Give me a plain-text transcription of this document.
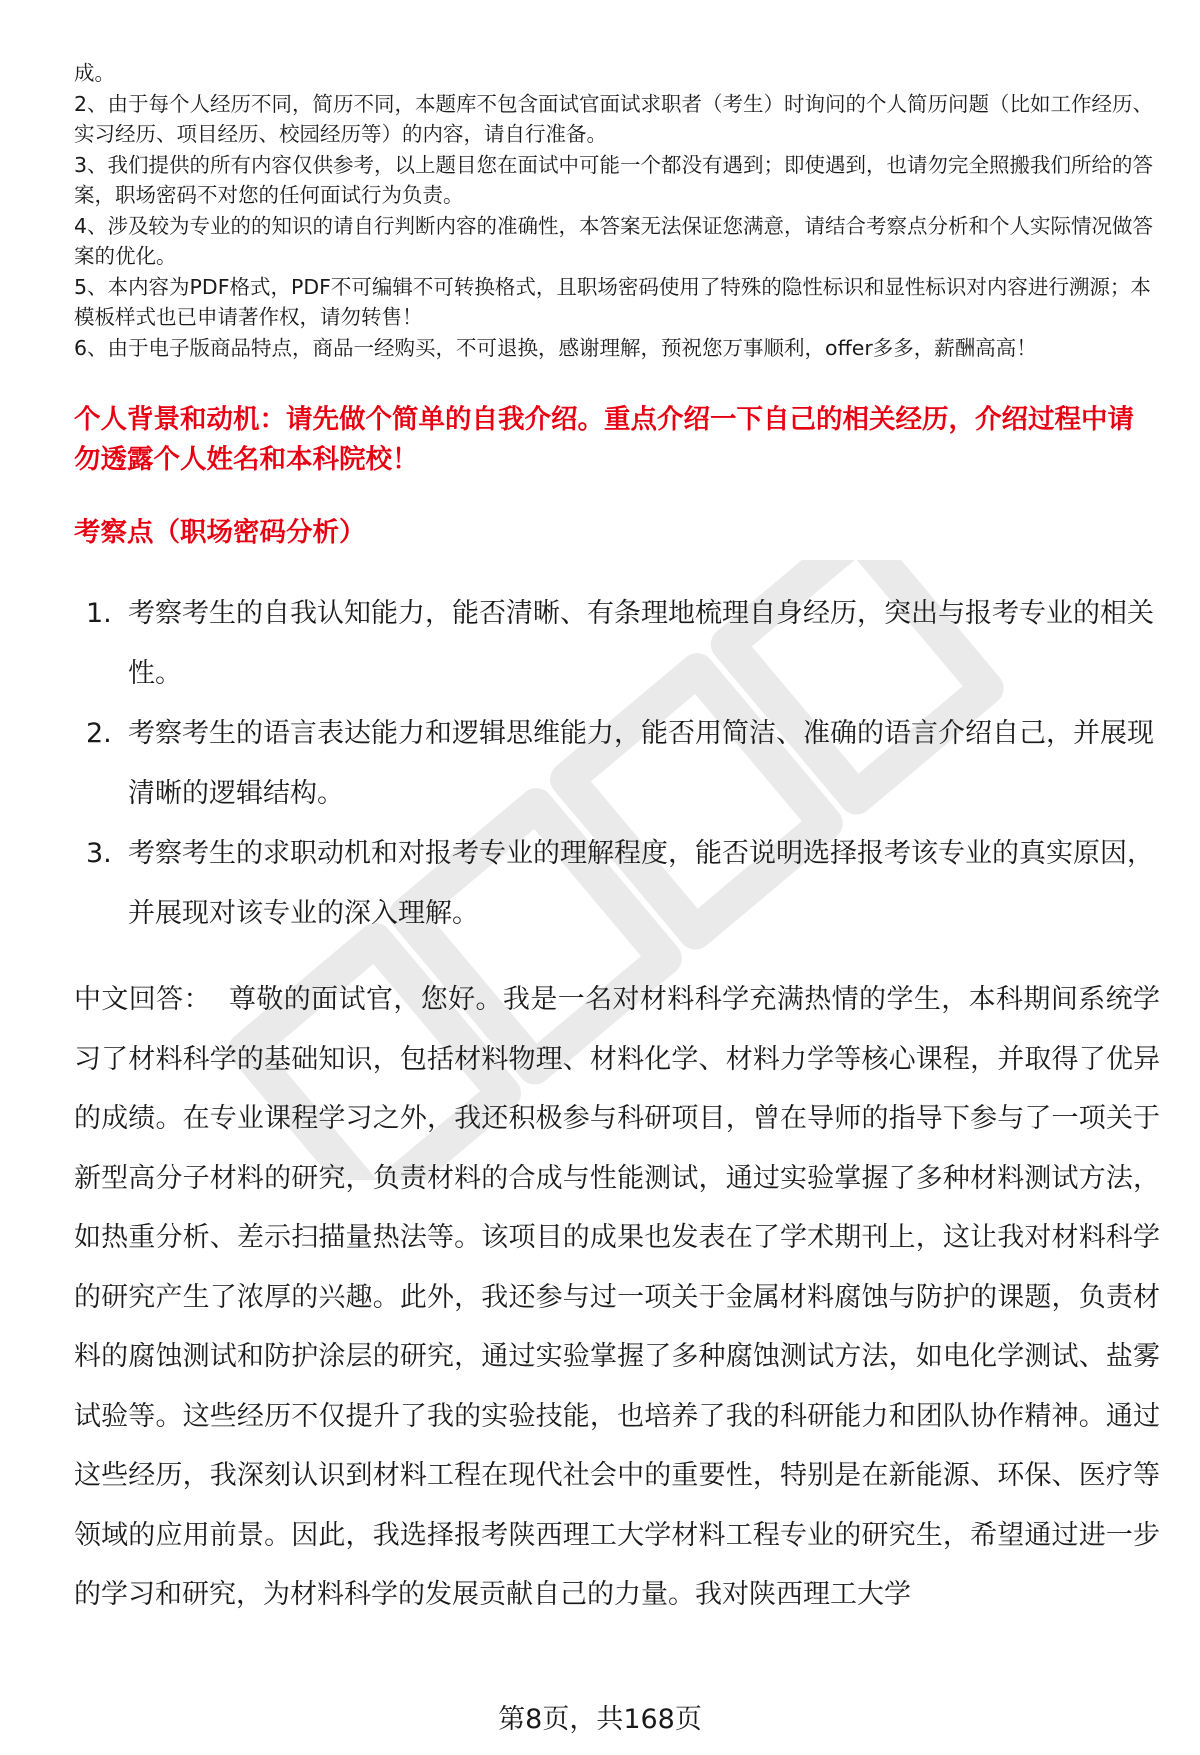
成。

2、由于每个人经历不同，简历不同，本题库不包含面试官面试求职者（考生）时询问的个人简历问题（比如工作经历、实习经历、项目经历、校园经历等）的内容，请自行准备。

3、我们提供的所有内容仅供参考，以上题目您在面试中可能一个都没有遇到；即使遇到，也请勿完全照搬我们所给的答案，职场密码不对您的任何面试行为负责。

4、涉及较为专业的的知识的请自行判断内容的准确性，本答案无法保证您满意，请结合考察点分析和个人实际情况做答案的优化。

5、本内容为PDF格式，PDF不可编辑不可转换格式，且职场密码使用了特殊的隐性标识和显性标识对内容进行溯源；本模板样式也已申请著作权，请勿转售！

6、由于电子版商品特点，商品一经购买，不可退换，感谢理解，预祝您万事顺利，offer多多，薪酬高高！

个人背景和动机：请先做个简单的自我介绍。重点介绍一下自己的相关经历，介绍过程中请勿透露个人姓名和本科院校！

考察点（职场密码分析）

1. 考察考生的自我认知能力，能否清晰、有条理地梳理自身经历，突出与报考专业的相关性。
2. 考察考生的语言表达能力和逻辑思维能力，能否用简洁、准确的语言介绍自己，并展现清晰的逻辑结构。
3. 考察考生的求职动机和对报考专业的理解程度，能否说明选择报考该专业的真实原因，并展现对该专业的深入理解。

中文回答： 尊敬的面试官，您好。我是一名对材料科学充满热情的学生，本科期间系统学习了材料科学的基础知识，包括材料物理、材料化学、材料力学等核心课程，并取得了优异的成绩。在专业课程学习之外，我还积极参与科研项目，曾在导师的指导下参与了一项关于新型高分子材料的研究，负责材料的合成与性能测试，通过实验掌握了多种材料测试方法，如热重分析、差示扫描量热法等。该项目的成果也发表在了学术期刊上，这让我对材料科学的研究产生了浓厚的兴趣。此外，我还参与过一项关于金属材料腐蚀与防护的课题，负责材料的腐蚀测试和防护涂层的研究，通过实验掌握了多种腐蚀测试方法，如电化学测试、盐雾试验等。这些经历不仅提升了我的实验技能，也培养了我的科研能力和团队协作精神。通过这些经历，我深刻认识到材料工程在现代社会中的重要性，特别是在新能源、环保、医疗等领域的应用前景。因此，我选择报考陕西理工大学材料工程专业的研究生，希望通过进一步的学习和研究，为材料科学的发展贡献自己的力量。我对陕西理工大学

第8页，共168页
